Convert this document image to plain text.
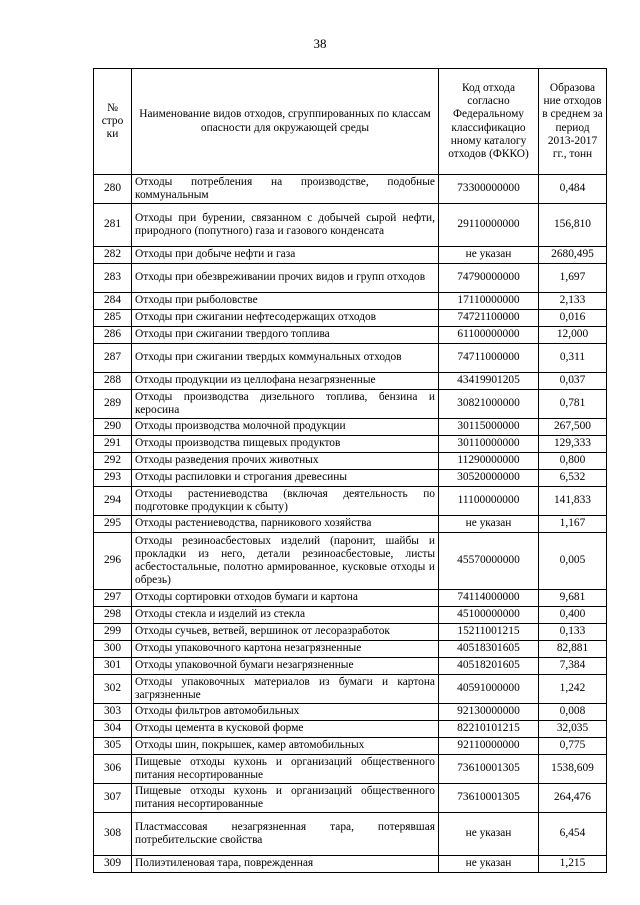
38
№ стро ки	Наименование видов отходов, сгруппированных по классам опасности для окружающей среды	Код отхода согласно Федеральному классификацио нному каталогу отходов (ФККО)	Образова ние отходов в среднем за период 2013-2017 гг., тонн
280	Отходы потребления на производстве, подобные коммунальным	73300000000	0,484
281	Отходы при бурении, связанном с добычей сырой нефти, природного (попутного) газа и газового конденсата	29110000000	156,810
282	Отходы при добыче нефти и газа	не указан	2680,495
283	Отходы при обезвреживании прочих видов и групп отходов	74790000000	1,697
284	Отходы при рыболовстве	17110000000	2,133
285	Отходы при сжигании нефтесодержащих отходов	74721100000	0,016
286	Отходы при сжигании твердого топлива	61100000000	12,000
287	Отходы при сжигании твердых коммунальных отходов	74711000000	0,311
288	Отходы продукции из целлофана незагрязненные	43419901205	0,037
289	Отходы производства дизельного топлива, бензина и керосина	30821000000	0,781
290	Отходы производства молочной продукции	30115000000	267,500
291	Отходы производства пищевых продуктов	30110000000	129,333
292	Отходы разведения прочих животных	11290000000	0,800
293	Отходы распиловки и строгания древесины	30520000000	6,532
294	Отходы растениеводства (включая деятельность по подготовке продукции к сбыту)	11100000000	141,833
295	Отходы растениеводства, парникового хозяйства	не указан	1,167
296	Отходы резиноасбестовых изделий (паронит, шайбы и прокладки из него, детали резиноасбестовые, листы асбестостальные, полотно армированное, кусковые отходы и обрезь)	45570000000	0,005
297	Отходы сортировки отходов бумаги и картона	74114000000	9,681
298	Отходы стекла и изделий из стекла	45100000000	0,400
299	Отходы сучьев, ветвей, вершинок от лесоразработок	15211001215	0,133
300	Отходы упаковочного картона незагрязненные	40518301605	82,881
301	Отходы упаковочной бумаги незагрязненные	40518201605	7,384
302	Отходы упаковочных материалов из бумаги и картона загрязненные	40591000000	1,242
303	Отходы фильтров автомобильных	92130000000	0,008
304	Отходы цемента в кусковой форме	82210101215	32,035
305	Отходы шин, покрышек, камер автомобильных	92110000000	0,775
306	Пищевые отходы кухонь и организаций общественного питания несортированные	73610001305	1538,609
307	Пищевые отходы кухонь и организаций общественного питания несортированные	73610001305	264,476
308	Пластмассовая незагрязненная тара, потерявшая потребительские свойства	не указан	6,454
309	Полиэтиленовая тара, поврежденная	не указан	1,215
